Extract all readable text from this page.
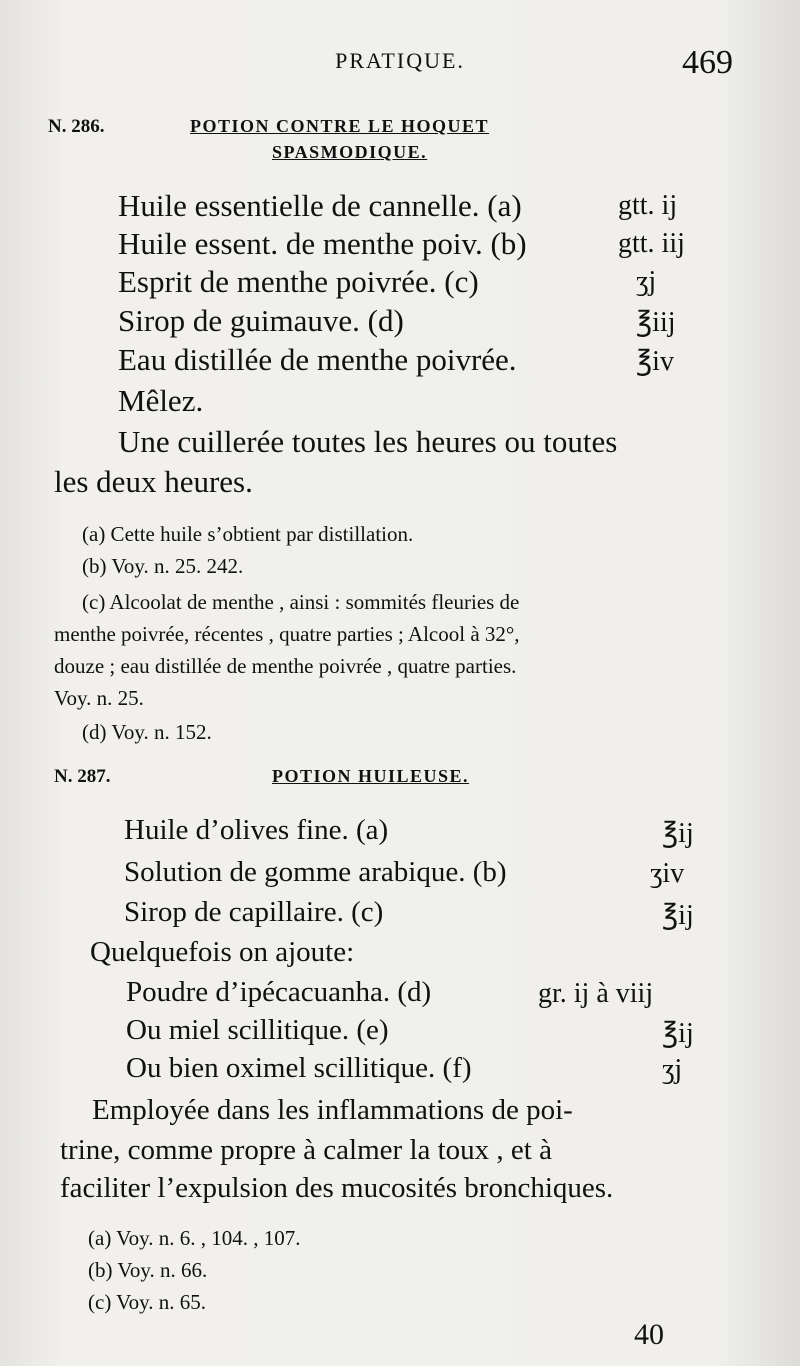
PRATIQUE.	469
N. 286.	POTION CONTRE LE HOQUET
SPASMODIQUE.
Huile essentielle de cannelle. (a)	gtt. ij
Huile essent. de menthe poiv. (b)	gtt. iij
Esprit de menthe poivrée. (c)	ʒj
Sirop de guimauve. (d)	℥iij
Eau distillée de menthe poivrée.	℥iv
Mêlez.
Une cuillerée toutes les heures ou toutes
les deux heures.
(a) Cette huile s’obtient par distillation.
(b) Voy. n. 25. 242.
(c) Alcoolat de menthe , ainsi : sommités fleuries de
menthe poivrée, récentes , quatre parties ; Alcool à 32°,
douze ; eau distillée de menthe poivrée , quatre parties.
Voy. n. 25.
(d) Voy. n. 152.
N. 287.	POTION HUILEUSE.
Huile d’olives fine. (a)	℥ij
Solution de gomme arabique. (b)	ʒiv
Sirop de capillaire. (c)	℥ij
Quelquefois on ajoute:
Poudre d’ipécacuanha. (d)	gr. ij à viij
Ou miel scillitique. (e)	℥ij
Ou bien oximel scillitique. (f)	ʒj
Employée dans les inflammations de poi-
trine, comme propre à calmer la toux , et à
faciliter l’expulsion des mucosités bronchiques.
(a) Voy. n. 6. , 104. , 107.
(b) Voy. n. 66.
(c) Voy. n. 65.
40
